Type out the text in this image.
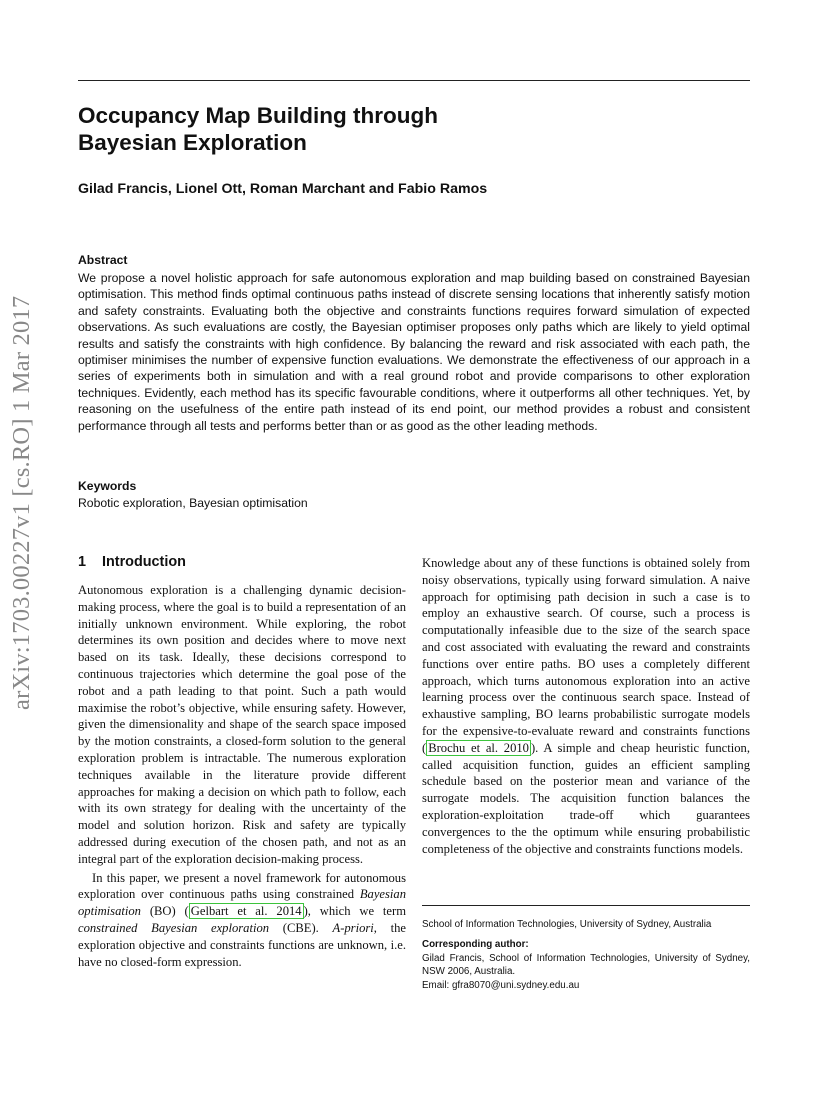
arXiv:1703.00227v1 [cs.RO] 1 Mar 2017
Occupancy Map Building through
Bayesian Exploration
Gilad Francis, Lionel Ott, Roman Marchant and Fabio Ramos
Abstract

We propose a novel holistic approach for safe autonomous exploration and map building based on constrained Bayesian optimisation. This method finds optimal continuous paths instead of discrete sensing locations that inherently satisfy motion and safety constraints. Evaluating both the objective and constraints functions requires forward simulation of expected observations. As such evaluations are costly, the Bayesian optimiser proposes only paths which are likely to yield optimal results and satisfy the constraints with high confidence. By balancing the reward and risk associated with each path, the optimiser minimises the number of expensive function evaluations. We demonstrate the effectiveness of our approach in a series of experiments both in simulation and with a real ground robot and provide comparisons to other exploration techniques. Evidently, each method has its specific favourable conditions, where it outperforms all other techniques. Yet, by reasoning on the usefulness of the entire path instead of its end point, our method provides a robust and consistent performance through all tests and performs better than or as good as the other leading methods.

Keywords
Robotic exploration, Bayesian optimisation
1 Introduction

Autonomous exploration is a challenging dynamic decision-making process, where the goal is to build a representation of an initially unknown environment. While exploring, the robot determines its own position and decides where to move next based on its task. Ideally, these decisions correspond to continuous trajectories which determine the goal pose of the robot and a path leading to that point. Such a path would maximise the robot’s objective, while ensuring safety. However, given the dimensionality and shape of the search space imposed by the motion constraints, a closed-form solution to the general exploration problem is intractable. The numerous exploration techniques available in the literature provide different approaches for making a decision on which path to follow, each with its own strategy for dealing with the uncertainty of the model and solution horizon. Risk and safety are typically addressed during execution of the chosen path, and not as an integral part of the exploration decision-making process.

In this paper, we present a novel framework for autonomous exploration over continuous paths using constrained Bayesian optimisation (BO) ( Gelbart et al. 2014 ), which we term constrained Bayesian exploration (CBE). A-priori, the exploration objective and constraints functions are unknown, i.e. have no closed-form expression.

Knowledge about any of these functions is obtained solely from noisy observations, typically using forward simulation. A naive approach for optimising path decision in such a case is to employ an exhaustive search. Of course, such a process is computationally infeasible due to the size of the search space and cost associated with evaluating the reward and constraints functions over entire paths. BO uses a completely different approach, which turns autonomous exploration into an active learning process over the continuous search space. Instead of exhaustive sampling, BO learns probabilistic surrogate models for the expensive-to-evaluate reward and constraints functions ( Brochu et al. 2010 ). A simple and cheap heuristic function, called acquisition function, guides an efficient sampling schedule based on the posterior mean and variance of the surrogate models. The acquisition function balances the exploration-exploitation trade-off which guarantees convergences to the the optimum while ensuring probabilistic completeness of the objective and constraints functions models.

School of Information Technologies, University of Sydney, Australia

Corresponding author:

Gilad Francis, School of Information Technologies, University of Sydney, NSW 2006, Australia.

Email: gfra8070@uni.sydney.edu.au
